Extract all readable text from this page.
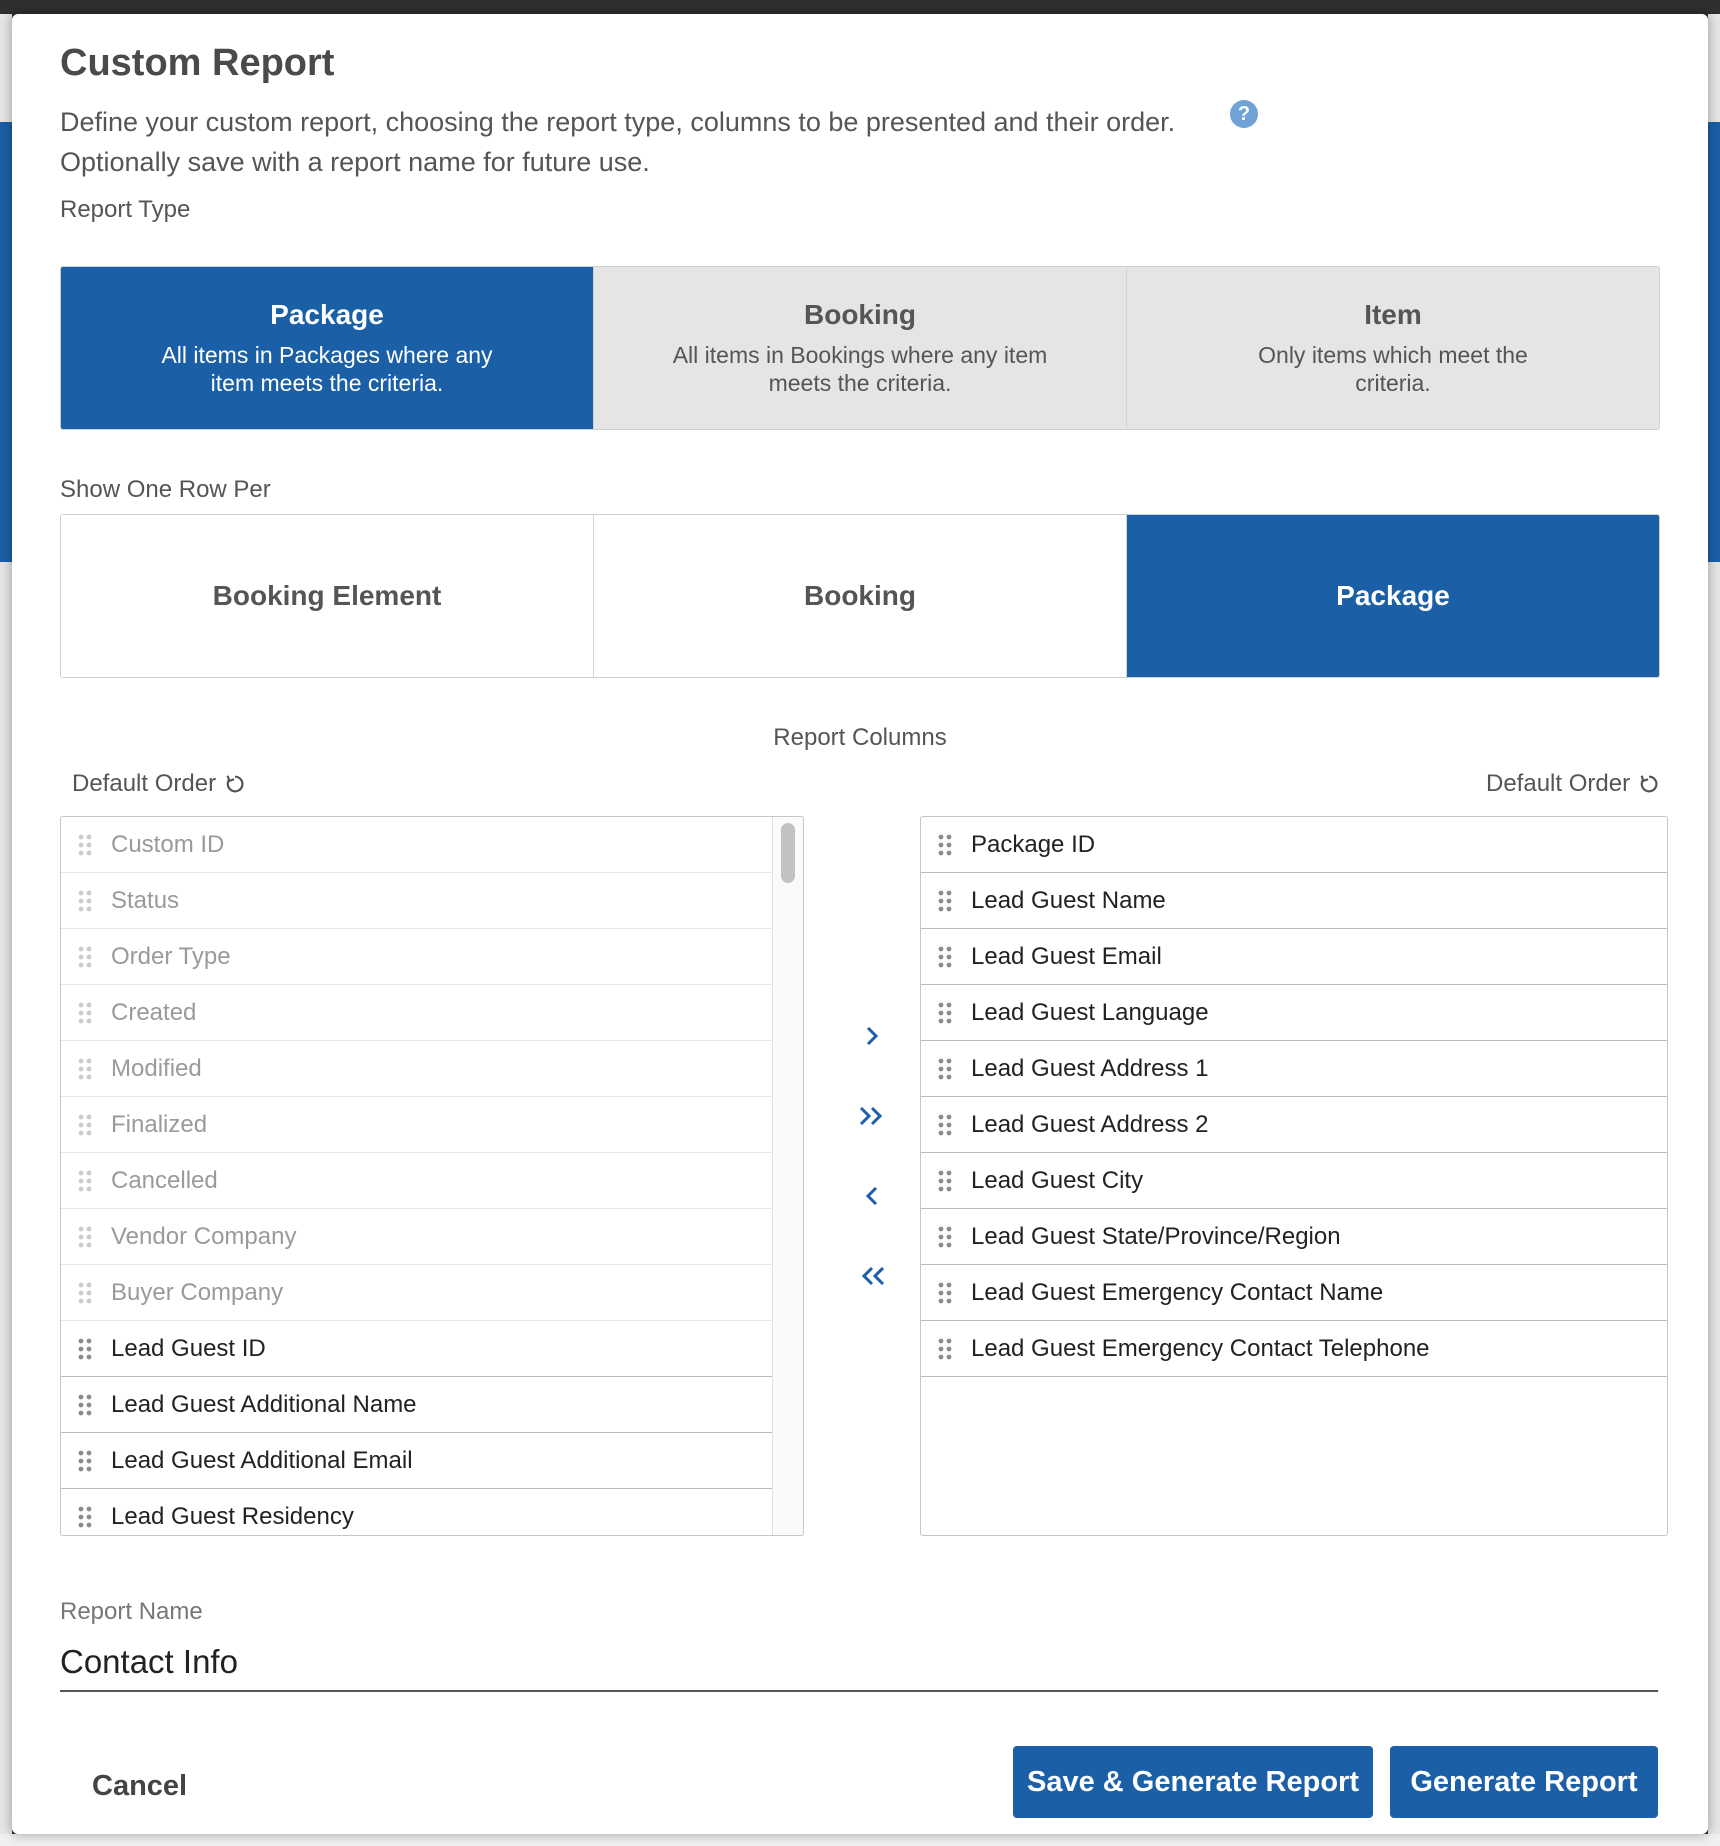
Custom Report
Define your custom report, choosing the report type, columns to be presented and their order.
Optionally save with a report name for future use.
?
Report Type
Package
All items in Packages where any item meets the criteria.
Booking
All items in Bookings where any item meets the criteria.
Item
Only items which meet the criteria.
Show One Row Per
Booking Element	Booking	Package
Report Columns
Default Order	Default Order
Custom ID
Status
Order Type
Created
Modified
Finalized
Cancelled
Vendor Company
Buyer Company
Lead Guest ID
Lead Guest Additional Name
Lead Guest Additional Email
Lead Guest Residency
Package ID
Lead Guest Name
Lead Guest Email
Lead Guest Language
Lead Guest Address 1
Lead Guest Address 2
Lead Guest City
Lead Guest State/Province/Region
Lead Guest Emergency Contact Name
Lead Guest Emergency Contact Telephone
Report Name
Contact Info
Cancel	Save & Generate Report	Generate Report
